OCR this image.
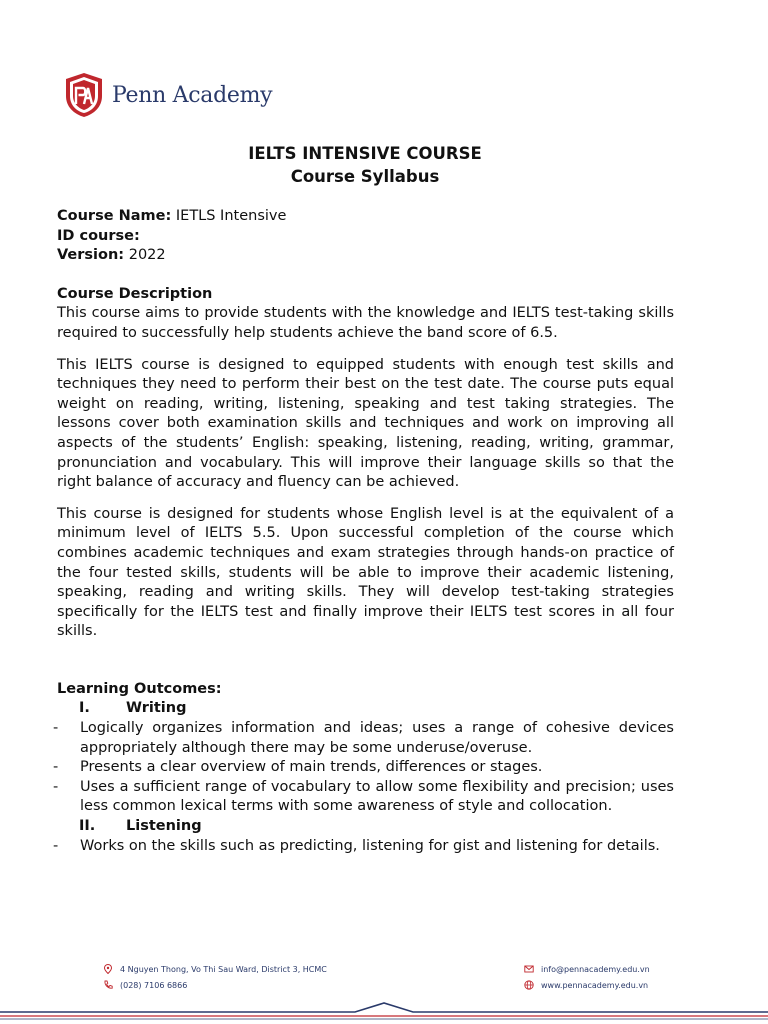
Penn Academy
IELTS INTENSIVE COURSE
Course Syllabus

Course Name: IETLS Intensive

ID course:

Version: 2022

Course Description

This course aims to provide students with the knowledge and IELTS test-taking skills required to successfully help students achieve the band score of 6.5.

This IELTS course is designed to equipped students with enough test skills and techniques they need to perform their best on the test date. The course puts equal weight on reading, writing, listening, speaking and test taking strategies. The lessons cover both examination skills and techniques and work on improving all aspects of the students’ English: speaking, listening, reading, writing, grammar, pronunciation and vocabulary. This will improve their language skills so that the right balance of accuracy and fluency can be achieved.

This course is designed for students whose English level is at the equivalent of a minimum level of IELTS 5.5. Upon successful completion of the course which combines academic techniques and exam strategies through hands-on practice of the four tested skills, students will be able to improve their academic listening, speaking, reading and writing skills. They will develop test-taking strategies specifically for the IELTS test and finally improve their IELTS test scores in all four skills.

Learning Outcomes:

I.	Writing
-	Logically organizes information and ideas; uses a range of cohesive devices appropriately although there may be some underuse/overuse.
-	Presents a clear overview of main trends, differences or stages.
-	Uses a sufficient range of vocabulary to allow some flexibility and precision; uses less common lexical terms with some awareness of style and collocation.
II.	Listening
-	Works on the skills such as predicting, listening for gist and listening for details.
4 Nguyen Thong, Vo Thi Sau Ward, District 3, HCMC
(028) 7106 6866
info@pennacademy.edu.vn
www.pennacademy.edu.vn
